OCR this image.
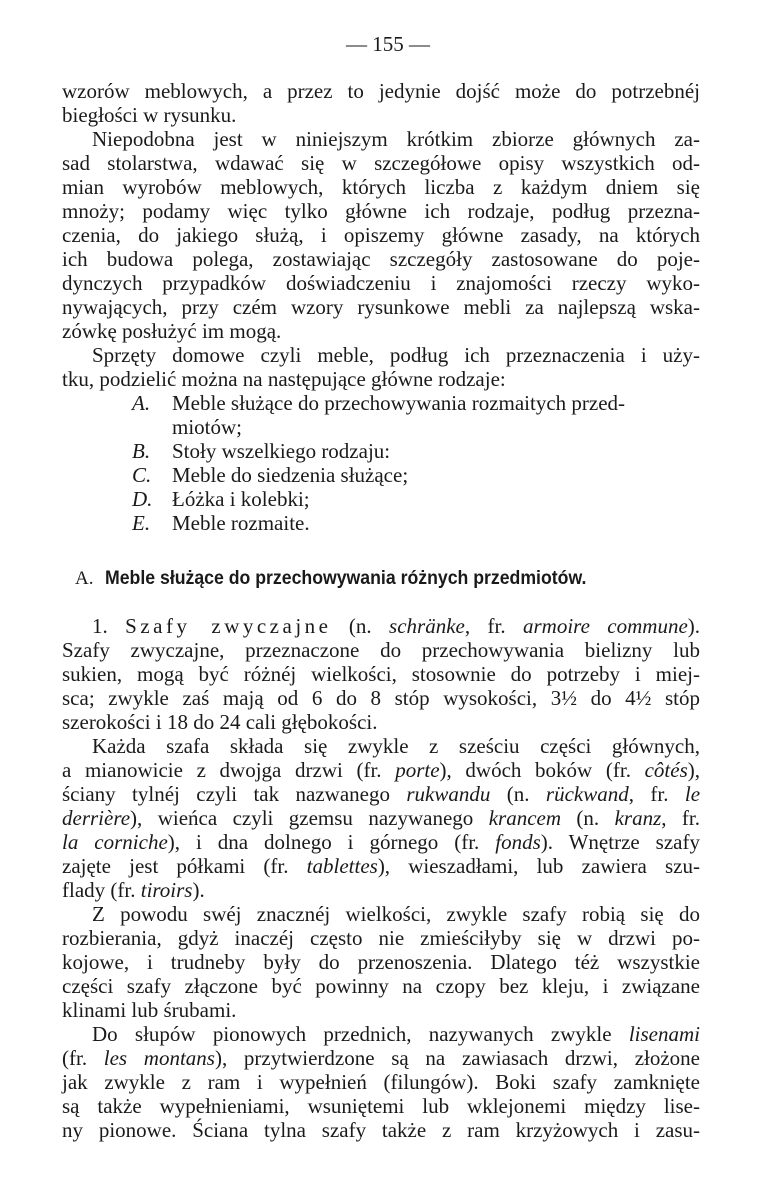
— 155 —
wzorów meblowych, a przez to jedynie dojść może do potrzebnéj
biegłości w rysunku.
Niepodobna jest w niniejszym krótkim zbiorze głównych za-
sad stolarstwa, wdawać się w szczegółowe opisy wszystkich od-
mian wyrobów meblowych, których liczba z każdym dniem się
mnoży; podamy więc tylko główne ich rodzaje, podług przezna-
czenia, do jakiego służą, i opiszemy główne zasady, na których
ich budowa polega, zostawiając szczegóły zastosowane do poje-
dynczych przypadków doświadczeniu i znajomości rzeczy wyko-
nywających, przy czém wzory rysunkowe mebli za najlepszą wska-
zówkę posłużyć im mogą.
Sprzęty domowe czyli meble, podług ich przeznaczenia i uży-
tku, podzielić można na następujące główne rodzaje:
A. Meble służące do przechowywania rozmaitych przed-
miotów;
B. Stoły wszelkiego rodzaju:
C. Meble do siedzenia służące;
D. Łóżka i kolebki;
E. Meble rozmaite.
A. Meble służące do przechowywania różnych przedmiotów.
1. Szafy zwyczajne (n. schränke, fr. armoire commune).
Szafy zwyczajne, przeznaczone do przechowywania bielizny lub
sukien, mogą być różnéj wielkości, stosownie do potrzeby i miej-
sca; zwykle zaś mają od 6 do 8 stóp wysokości, 3½ do 4½ stóp
szerokości i 18 do 24 cali głębokości.
Każda szafa składa się zwykle z sześciu części głównych,
a mianowicie z dwojga drzwi (fr. porte), dwóch boków (fr. côtés),
ściany tylnéj czyli tak nazwanego rukwandu (n. rückwand, fr. le
derrière), wieńca czyli gzemsu nazywanego krancem (n. kranz, fr.
la corniche), i dna dolnego i górnego (fr. fonds). Wnętrze szafy
zajęte jest półkami (fr. tablettes), wieszadłami, lub zawiera szu-
flady (fr. tiroirs).
Z powodu swéj znacznéj wielkości, zwykle szafy robią się do
rozbierania, gdyż inaczéj często nie zmieściłyby się w drzwi po-
kojowe, i trudneby były do przenoszenia. Dlatego téż wszystkie
części szafy złączone być powinny na czopy bez kleju, i związane
klinami lub śrubami.
Do słupów pionowych przednich, nazywanych zwykle lisenami
(fr. les montans), przytwierdzone są na zawiasach drzwi, złożone
jak zwykle z ram i wypełnień (filungów). Boki szafy zamknięte
są także wypełnieniami, wsuniętemi lub wklejonemi między lise-
ny pionowe. Ściana tylna szafy także z ram krzyżowych i zasu-
